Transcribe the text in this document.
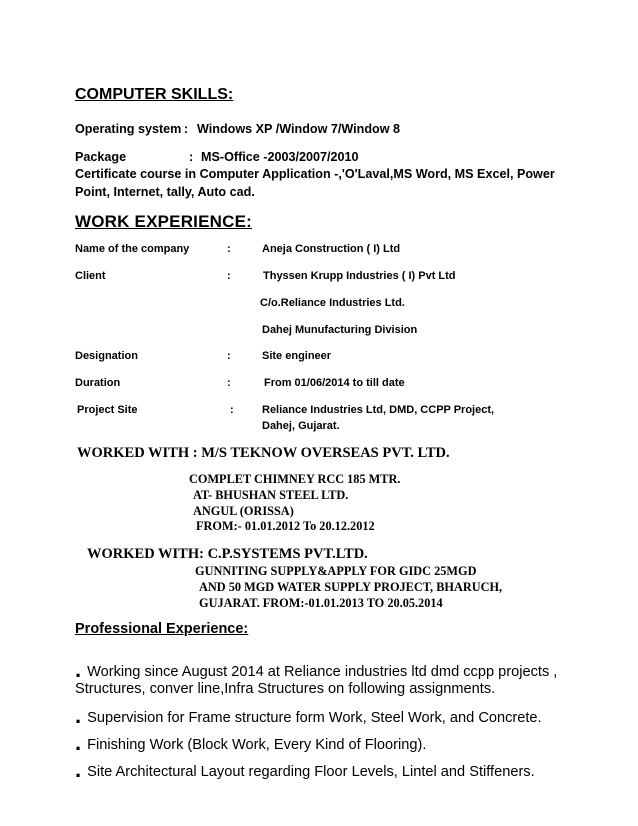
COMPUTER SKILLS:
Operating system : Windows XP /Window 7/Window 8
Package	: MS-Office -2003/2007/2010
Certificate course in Computer Application -,'O'Laval,MS Word, MS Excel, Power
Point, Internet, tally, Auto cad.
WORK EXPERIENCE:
Name of the company	:	Aneja Construction ( I) Ltd
Client	:	Thyssen Krupp Industries ( I) Pvt Ltd
C/o.Reliance Industries Ltd.
Dahej Munufacturing Division
Designation	:	Site engineer
Duration	:	From 01/06/2014 to till date
Project Site	:	Reliance Industries Ltd, DMD, CCPP Project,
Dahej, Gujarat.
WORKED WITH : M/S TEKNOW OVERSEAS PVT. LTD.
COMPLET CHIMNEY RCC 185 MTR.
AT- BHUSHAN STEEL LTD.
ANGUL (ORISSA)
FROM:- 01.01.2012 To 20.12.2012
WORKED WITH: C.P.SYSTEMS PVT.LTD.
GUNNITING SUPPLY&APPLY FOR GIDC 25MGD
AND 50 MGD WATER SUPPLY PROJECT, BHARUCH,
GUJARAT. FROM:-01.01.2013 TO 20.05.2014
Professional Experience:
. Working since August 2014 at Reliance industries ltd dmd ccpp projects ,
Structures, conver line,Infra Structures on following assignments.
. Supervision for Frame structure form Work, Steel Work, and Concrete.
. Finishing Work (Block Work, Every Kind of Flooring).
. Site Architectural Layout regarding Floor Levels, Lintel and Stiffeners.
